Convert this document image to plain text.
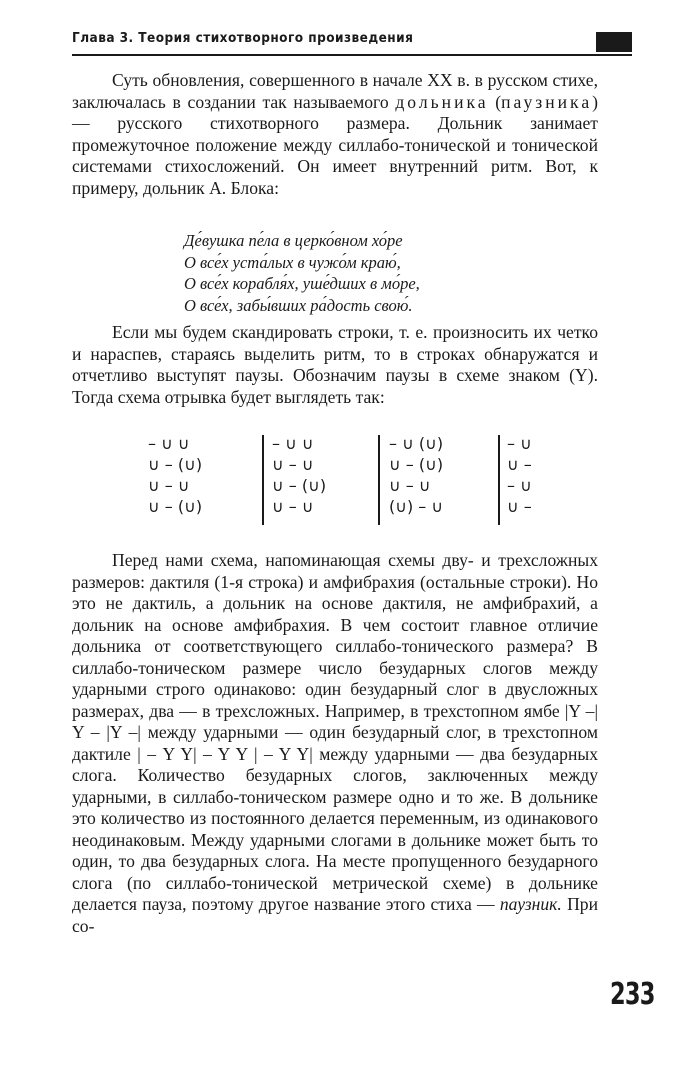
Глава 3. Теория стихотворного произведения
Суть обновления, совершенного в начале XX в. в русском стихе, заключалась в создании так называемого дольника (паузника) — русского стихотворного размера. Дольник занимает промежуточное положение между силлабо-тонической и тонической системами стихосложений. Он имеет внутренний ритм. Вот, к примеру, дольник А. Блока:
Де́вушка пе́ла в церко́вном хо́ре
О все́х уста́лых в чужо́м краю́,
О все́х корабля́х, уше́дших в мо́ре,
О все́х, забы́вших ра́дость свою́.
Если мы будем скандировать строки, т. е. произносить их четко и нараспев, стараясь выделить ритм, то в строках обнаружатся и отчетливо выступят паузы. Обозначим паузы в схеме знаком (Y). Тогда схема отрывка будет выглядеть так:
– ∪ ∪
∪ – (∪)
∪ – ∪
∪ – (∪)
– ∪ ∪
∪ – ∪
∪ – (∪)
∪ – ∪
– ∪ (∪)
∪ – (∪)
∪ – ∪
(∪) – ∪
– ∪
∪ –
– ∪
∪ –
Перед нами схема, напоминающая схемы дву- и трехсложных размеров: дактиля (1-я строка) и амфибрахия (остальные строки). Но это не дактиль, а дольник на основе дактиля, не амфибрахий, а дольник на основе амфибрахия. В чем состоит главное отличие дольника от соответствующего силлабо-тонического размера? В силлабо-тоническом размере число безударных слогов между ударными строго одинаково: один безударный слог в двусложных размерах, два — в трехсложных. Например, в трехстопном ямбе |Y –| Y – |Y –| между ударными — один безударный слог, в трехстопном дактиле | – Y Y| – Y Y | – Y Y| между ударными — два безударных слога. Количество безударных слогов, заключенных между ударными, в силлабо-тоническом размере одно и то же. В дольнике это количество из постоянного делается переменным, из одинакового неодинаковым. Между ударными слогами в дольнике может быть то один, то два безударных слога. На месте пропущенного безударного слога (по силлабо-тонической метрической схеме) в дольнике делается пауза, поэтому другое название этого стиха — паузник. При со-
233
